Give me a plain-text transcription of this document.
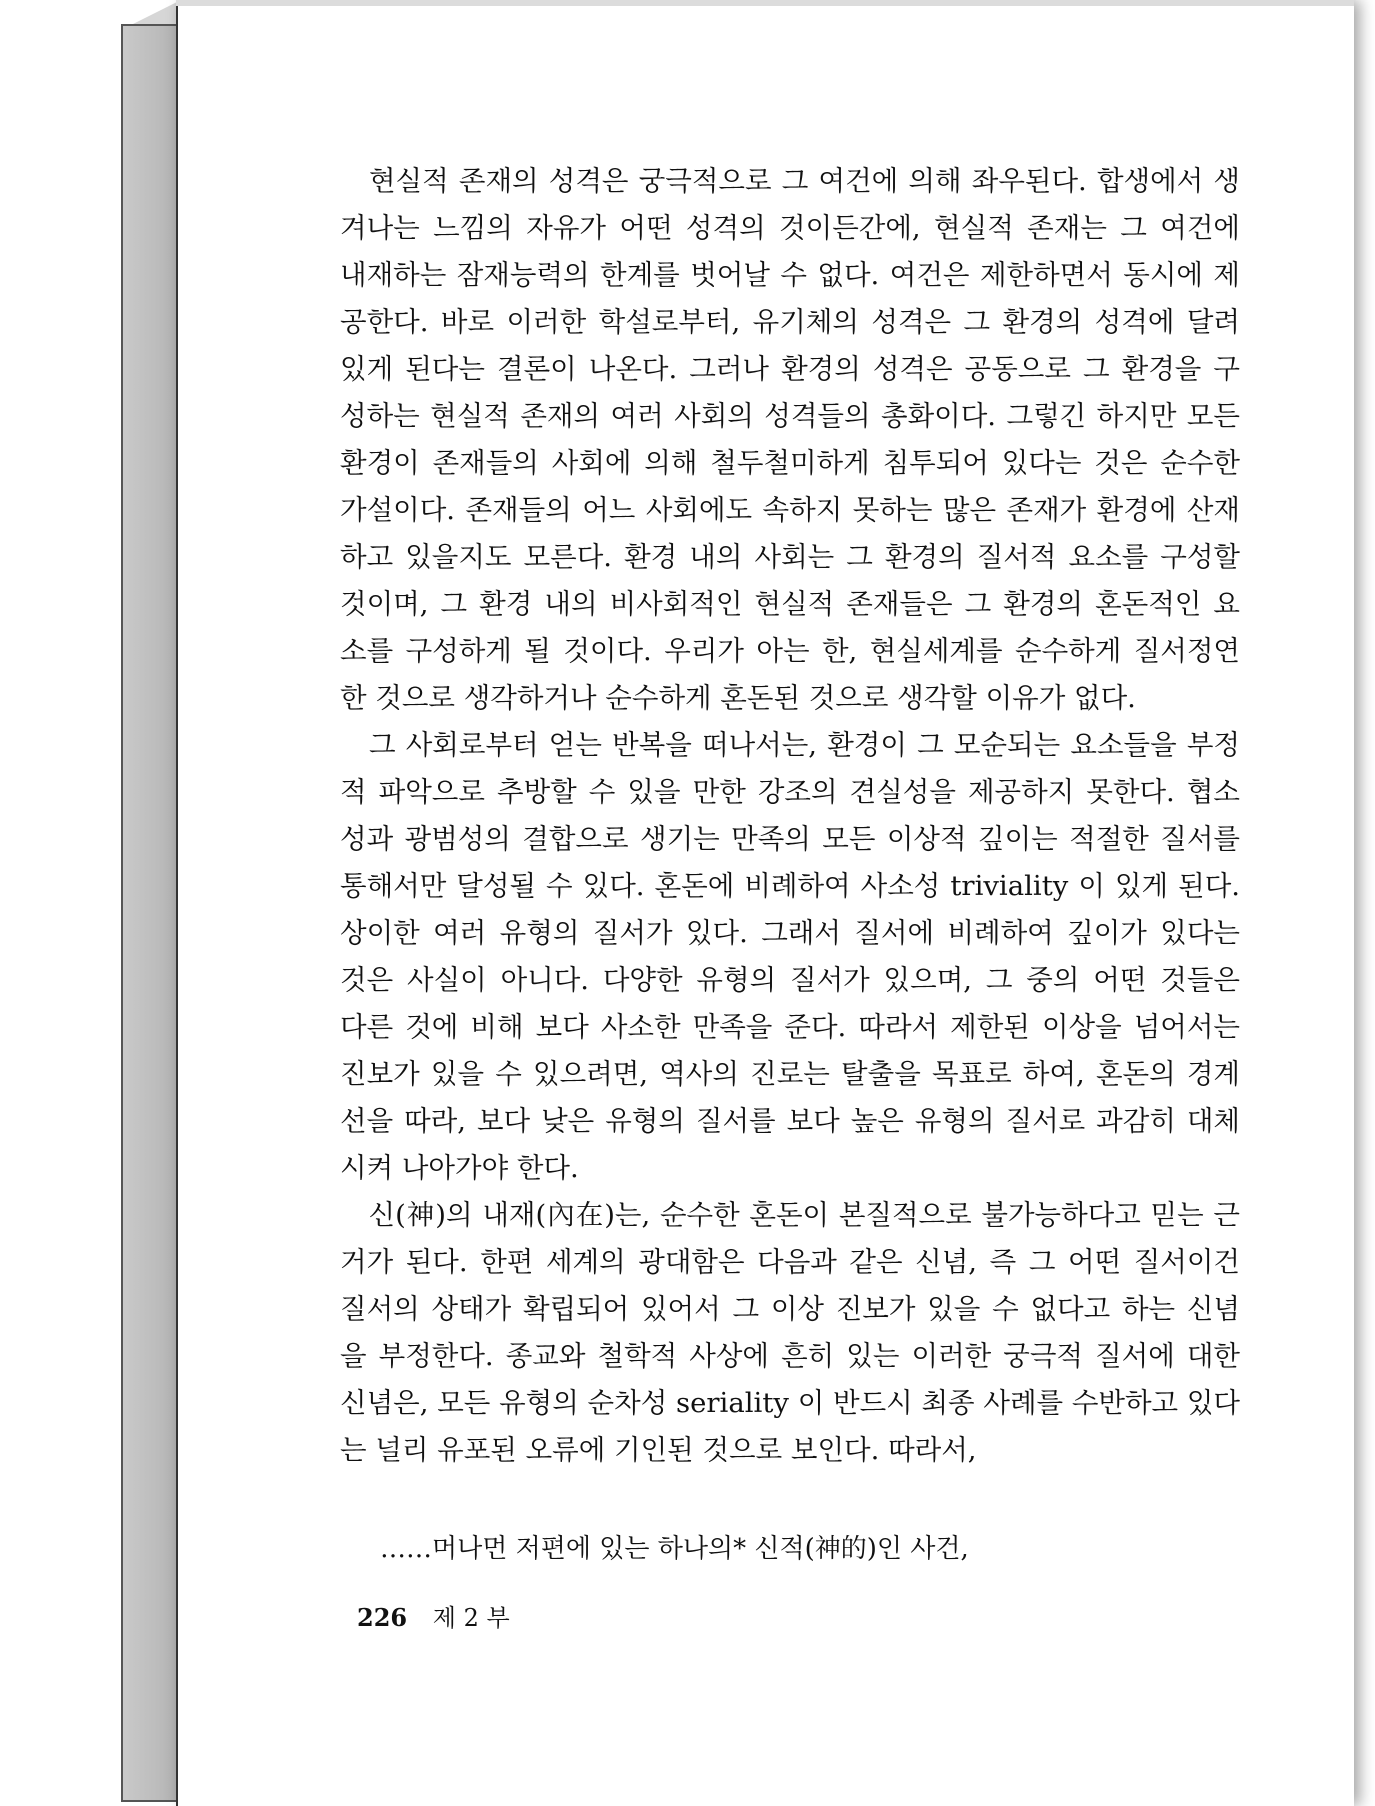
　현실적 존재의 성격은 궁극적으로 그 여건에 의해 좌우된다. 합생에서 생
겨나는 느낌의 자유가 어떤 성격의 것이든간에, 현실적 존재는 그 여건에
내재하는 잠재능력의 한계를 벗어날 수 없다. 여건은 제한하면서 동시에 제
공한다. 바로 이러한 학설로부터, 유기체의 성격은 그 환경의 성격에 달려
있게 된다는 결론이 나온다. 그러나 환경의 성격은 공동으로 그 환경을 구
성하는 현실적 존재의 여러 사회의 성격들의 총화이다. 그렇긴 하지만 모든
환경이 존재들의 사회에 의해 철두철미하게 침투되어 있다는 것은 순수한
가설이다. 존재들의 어느 사회에도 속하지 못하는 많은 존재가 환경에 산재
하고 있을지도 모른다. 환경 내의 사회는 그 환경의 질서적 요소를 구성할
것이며, 그 환경 내의 비사회적인 현실적 존재들은 그 환경의 혼돈적인 요
소를 구성하게 될 것이다. 우리가 아는 한, 현실세계를 순수하게 질서정연
한 것으로 생각하거나 순수하게 혼돈된 것으로 생각할 이유가 없다.
　그 사회로부터 얻는 반복을 떠나서는, 환경이 그 모순되는 요소들을 부정
적 파악으로 추방할 수 있을 만한 강조의 견실성을 제공하지 못한다. 협소
성과 광범성의 결합으로 생기는 만족의 모든 이상적 깊이는 적절한 질서를
통해서만 달성될 수 있다. 혼돈에 비례하여 사소성 triviality 이 있게 된다.
상이한 여러 유형의 질서가 있다. 그래서 질서에 비례하여 깊이가 있다는
것은 사실이 아니다. 다양한 유형의 질서가 있으며, 그 중의 어떤 것들은
다른 것에 비해 보다 사소한 만족을 준다. 따라서 제한된 이상을 넘어서는
진보가 있을 수 있으려면, 역사의 진로는 탈출을 목표로 하여, 혼돈의 경계
선을 따라, 보다 낮은 유형의 질서를 보다 높은 유형의 질서로 과감히 대체
시켜 나아가야 한다.
　신(神)의 내재(內在)는, 순수한 혼돈이 본질적으로 불가능하다고 믿는 근
거가 된다. 한편 세계의 광대함은 다음과 같은 신념, 즉 그 어떤 질서이건
질서의 상태가 확립되어 있어서 그 이상 진보가 있을 수 없다고 하는 신념
을 부정한다. 종교와 철학적 사상에 흔히 있는 이러한 궁극적 질서에 대한
신념은, 모든 유형의 순차성 seriality 이 반드시 최종 사례를 수반하고 있다
는 널리 유포된 오류에 기인된 것으로 보인다. 따라서,
……머나먼 저편에 있는 하나의* 신적(神的)인 사건,
226 제 2 부
